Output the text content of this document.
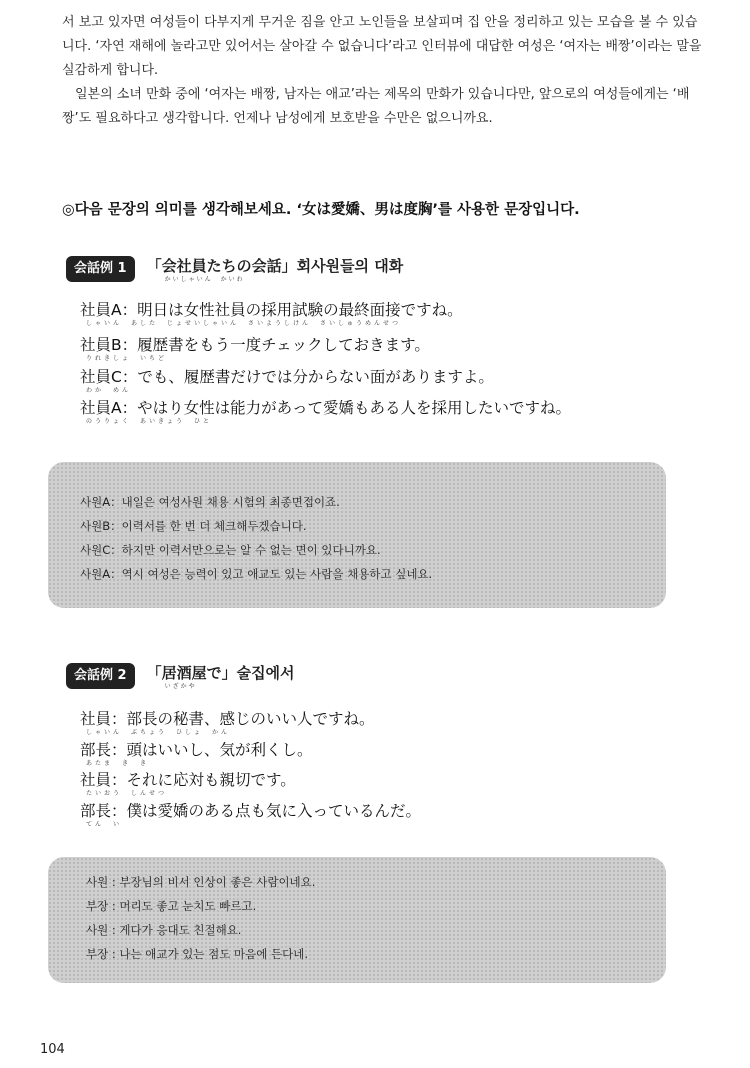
서 보고 있자면 여성들이 다부지게 무거운 짐을 안고 노인들을 보살피며 집 안을 정리하고 있는 모습을 볼 수 있습니다. ‘자연 재해에 놀라고만 있어서는 살아갈 수 없습니다’라고 인터뷰에 대답한 여성은 ‘여자는 배짱’이라는 말을 실감하게 합니다.

일본의 소녀 만화 중에 ‘여자는 배짱, 남자는 애교’라는 제목의 만화가 있습니다만, 앞으로의 여성들에게는 ‘배짱’도 필요하다고 생각합니다. 언제나 남성에게 보호받을 수만은 없으니까요.

◎다음 문장의 의미를 생각해보세요. ‘女は愛嬌、男は度胸’를 사용한 문장입니다.
会話例 1	「会社員たちの会話」회사원들의 대화
かいしゃいん　かいわ
社員A：明日は女性社員の採用試験の最終面接ですね。
しゃいん　あした　じょせいしゃいん　さいようしけん　さいしゅうめんせつ
社員B：履歴書をもう一度チェックしておきます。
りれきしょ　いちど
社員C：でも、履歴書だけでは分からない面がありますよ。
わか　めん
社員A：やはり女性は能力があって愛嬌もある人を採用したいですね。
のうりょく　あいきょう　ひと
사원A：내일은 여성사원 채용 시험의 최종면접이죠.
사원B：이력서를 한 번 더 체크해두겠습니다.
사원C：하지만 이력서만으로는 알 수 없는 면이 있다니까요.
사원A：역시 여성은 능력이 있고 애교도 있는 사람을 채용하고 싶네요.
会話例 2	「居酒屋で」술집에서
いざかや
社員：部長の秘書、感じのいい人ですね。
しゃいん　ぶちょう　ひしょ　かん
部長：頭はいいし、気が利くし。
あたま　き　き
社員：それに応対も親切です。
たいおう　しんせつ
部長：僕は愛嬌のある点も気に入っているんだ。
てん　い
사원 : 부장님의 비서 인상이 좋은 사람이네요.
부장 : 머리도 좋고 눈치도 빠르고.
사원 : 게다가 응대도 친절해요.
부장 : 나는 애교가 있는 점도 마음에 든다네.
104
